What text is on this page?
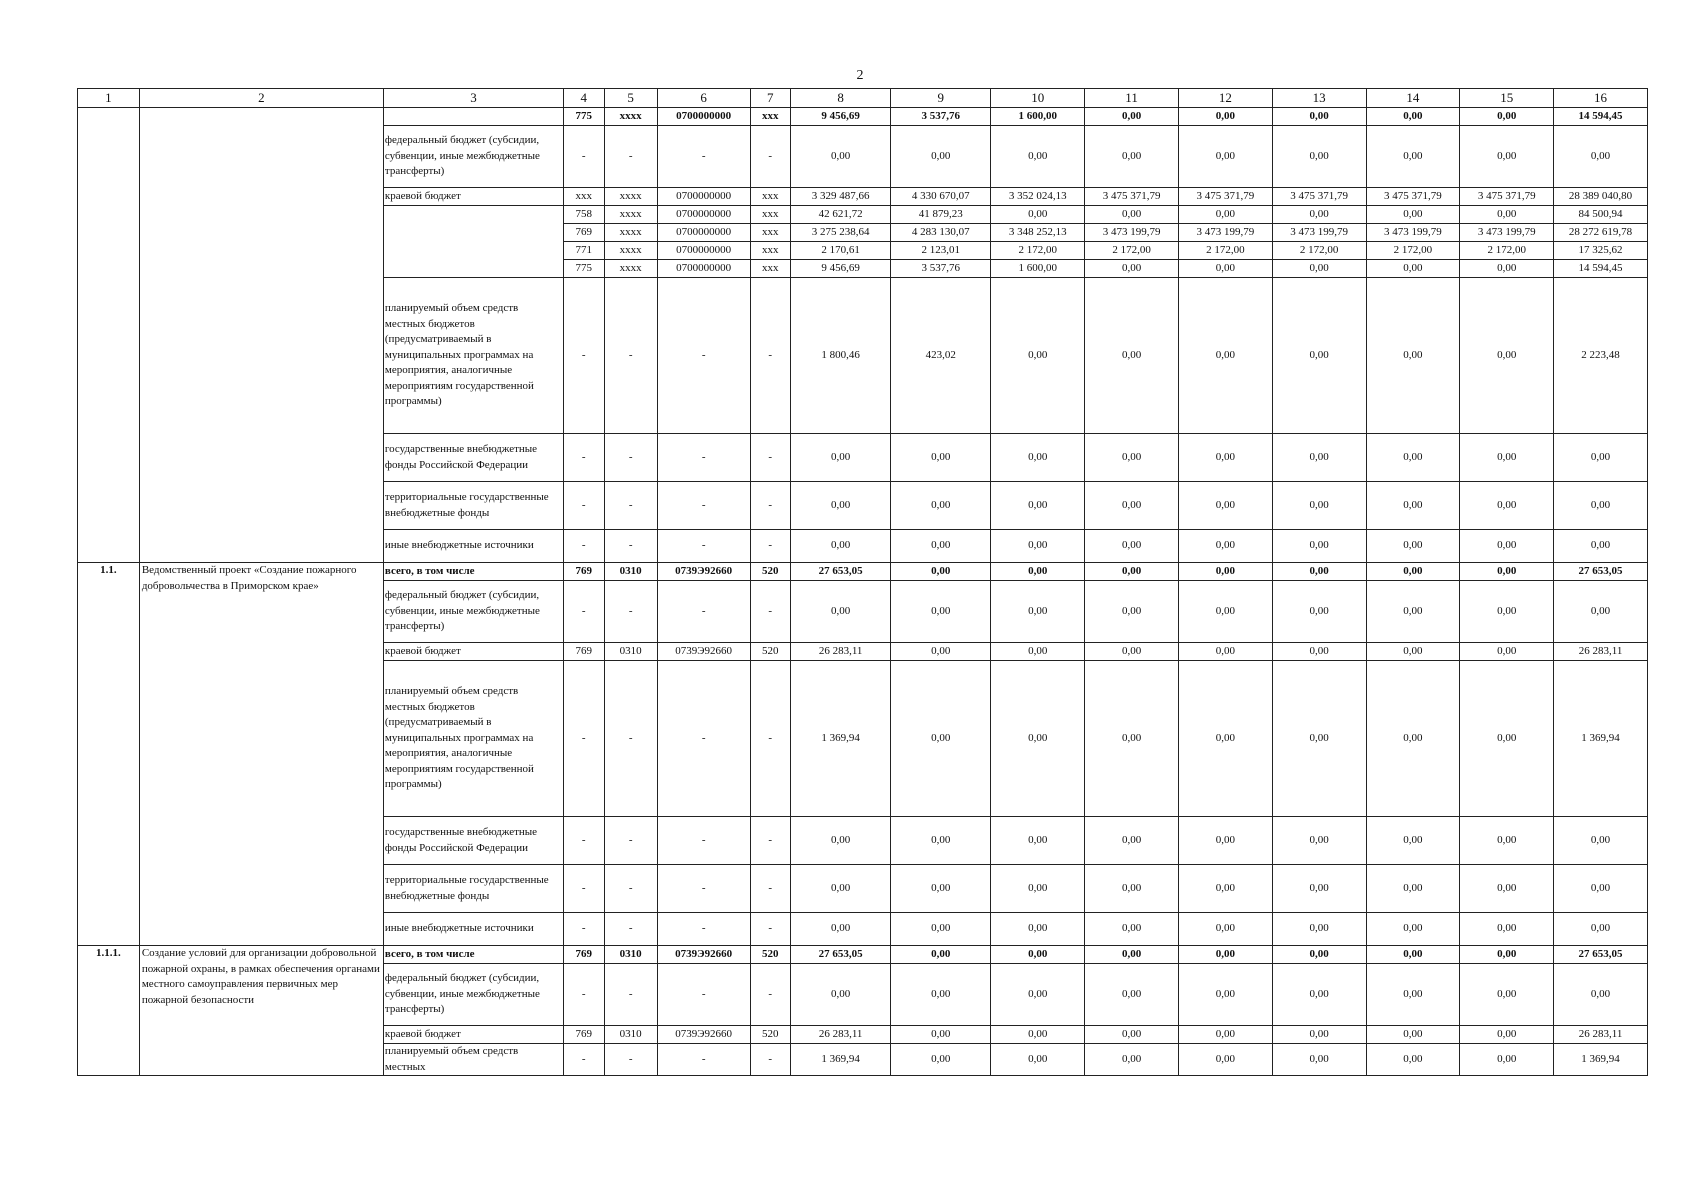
2
1	2	3	4	5	6	7	8	9	10	11	12	13	14	15	16
			775	xxxx	0700000000	xxx	9 456,69	3 537,76	1 600,00	0,00	0,00	0,00	0,00	0,00	14 594,45
		федеральный бюджет (субсидии, субвенции, иные межбюджетные трансферты)	-	-	-	-	0,00	0,00	0,00	0,00	0,00	0,00	0,00	0,00	0,00
		краевой бюджет	xxx	xxxx	0700000000	xxx	3 329 487,66	4 330 670,07	3 352 024,13	3 475 371,79	3 475 371,79	3 475 371,79	3 475 371,79	3 475 371,79	28 389 040,80
			758	xxxx	0700000000	xxx	42 621,72	41 879,23	0,00	0,00	0,00	0,00	0,00	0,00	84 500,94
			769	xxxx	0700000000	xxx	3 275 238,64	4 283 130,07	3 348 252,13	3 473 199,79	3 473 199,79	3 473 199,79	3 473 199,79	3 473 199,79	28 272 619,78
			771	xxxx	0700000000	xxx	2 170,61	2 123,01	2 172,00	2 172,00	2 172,00	2 172,00	2 172,00	2 172,00	17 325,62
			775	xxxx	0700000000	xxx	9 456,69	3 537,76	1 600,00	0,00	0,00	0,00	0,00	0,00	14 594,45
		планируемый объем средств местных бюджетов (предусматриваемый в муниципальных программах на мероприятия, аналогичные мероприятиям государственной программы)	-	-	-	-	1 800,46	423,02	0,00	0,00	0,00	0,00	0,00	0,00	2 223,48
		государственные внебюджетные фонды Российской Федерации	-	-	-	-	0,00	0,00	0,00	0,00	0,00	0,00	0,00	0,00	0,00
		территориальные государственные внебюджетные фонды	-	-	-	-	0,00	0,00	0,00	0,00	0,00	0,00	0,00	0,00	0,00
		иные внебюджетные источники	-	-	-	-	0,00	0,00	0,00	0,00	0,00	0,00	0,00	0,00	0,00
1.1.	Ведомственный проект «Создание пожарного добровольчества в Приморском крае»	всего, в том числе	769	0310	0739Э92660	520	27 653,05	0,00	0,00	0,00	0,00	0,00	0,00	0,00	27 653,05
		федеральный бюджет (субсидии, субвенции, иные межбюджетные трансферты)	-	-	-	-	0,00	0,00	0,00	0,00	0,00	0,00	0,00	0,00	0,00
		краевой бюджет	769	0310	0739Э92660	520	26 283,11	0,00	0,00	0,00	0,00	0,00	0,00	0,00	26 283,11
		планируемый объем средств местных бюджетов (предусматриваемый в муниципальных программах на мероприятия, аналогичные мероприятиям государственной программы)	-	-	-	-	1 369,94	0,00	0,00	0,00	0,00	0,00	0,00	0,00	1 369,94
		государственные внебюджетные фонды Российской Федерации	-	-	-	-	0,00	0,00	0,00	0,00	0,00	0,00	0,00	0,00	0,00
		территориальные государственные внебюджетные фонды	-	-	-	-	0,00	0,00	0,00	0,00	0,00	0,00	0,00	0,00	0,00
		иные внебюджетные источники	-	-	-	-	0,00	0,00	0,00	0,00	0,00	0,00	0,00	0,00	0,00
1.1.1.	Создание условий для организации добровольной пожарной охраны, в рамках обеспечения органами местного самоуправления первичных мер пожарной безопасности	всего, в том числе	769	0310	0739Э92660	520	27 653,05	0,00	0,00	0,00	0,00	0,00	0,00	0,00	27 653,05
		федеральный бюджет (субсидии, субвенции, иные межбюджетные трансферты)	-	-	-	-	0,00	0,00	0,00	0,00	0,00	0,00	0,00	0,00	0,00
		краевой бюджет	769	0310	0739Э92660	520	26 283,11	0,00	0,00	0,00	0,00	0,00	0,00	0,00	26 283,11
		планируемый объем средств местных	-	-	-	-	1 369,94	0,00	0,00	0,00	0,00	0,00	0,00	0,00	1 369,94
